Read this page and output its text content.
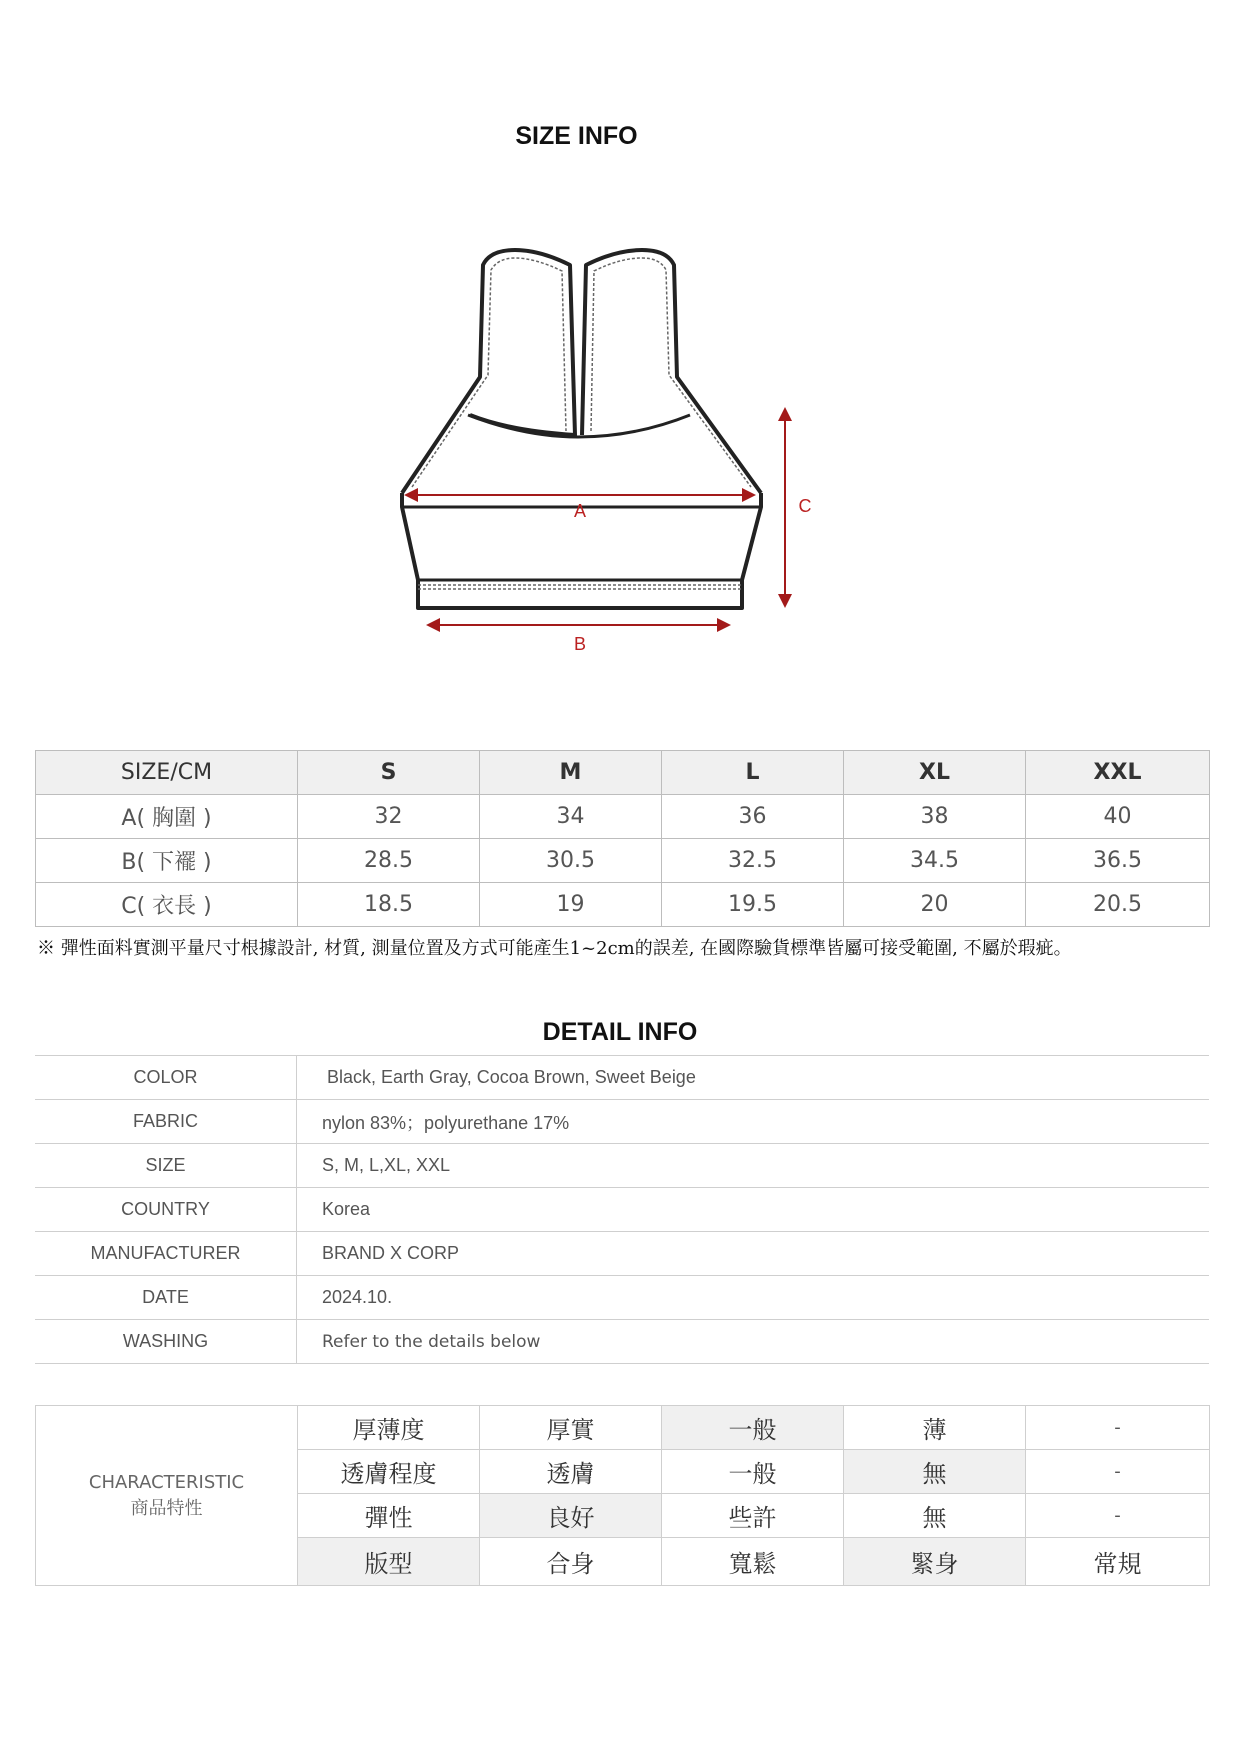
SIZE INFO
A
B
C
SIZE/CM	S	M	L	XL	XXL
A( 胸圍 )	32	34	36	38	40
B( 下襬 )	28.5	30.5	32.5	34.5	36.5
C( 衣長 )	18.5	19	19.5	20	20.5
※ 彈性面料實測平量尺寸根據設計, 材質, 測量位置及方式可能產生1~2cm的誤差, 在國際驗貨標準皆屬可接受範圍, 不屬於瑕疵。
DETAIL INFO
COLOR	Black, Earth Gray, Cocoa Brown, Sweet Beige
FABRIC	nylon 83%；polyurethane 17%
SIZE	S, M, L,XL, XXL
COUNTRY	Korea
MANUFACTURER	BRAND X CORP
DATE	2024.10.
WASHING	Refer to the details below
CHARACTERISTIC
商品特性	厚薄度	厚實	一般	薄	-
	透膚程度	透膚	一般	無	-
	彈性	良好	些許	無	-
	版型	合身	寬鬆	緊身	常規
